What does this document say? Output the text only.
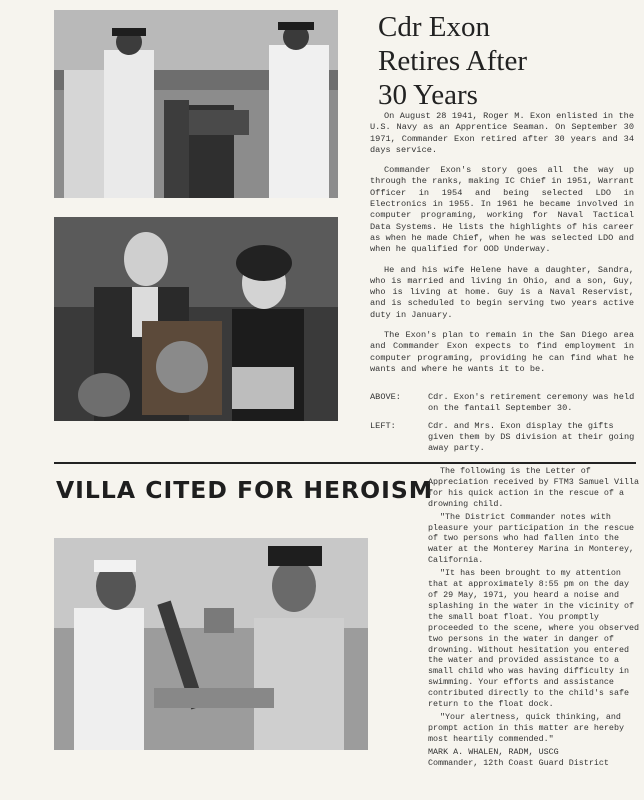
Cdr Exon
Retires After
30 Years

On August 28 1941, Roger M. Exon enlisted in the U.S. Navy as an Apprentice Seaman. On September 30 1971, Commander Exon retired after 30 years and 34 days service.

Commander Exon's story goes all the way up through the ranks, making IC Chief in 1951, Warrant Officer in 1954 and being selected LDO in Electronics in 1955. In 1961 he became involved in computer programing, working for Naval Tactical Data Systems. He lists the highlights of his career as when he made Chief, when he was selected LDO and when he qualified for OOD Underway.

He and his wife Helene have a daughter, Sandra, who is married and living in Ohio, and a son, Guy, who is living at home. Guy is a Naval Reservist, and is scheduled to begin serving two years active duty in January.

The Exon's plan to remain in the San Diego area and Commander Exon expects to find employment in computer programing, providing he can find what he wants and where he wants it to be.

ABOVE:	Cdr. Exon's retirement ceremony was held on the fantail September 30.
LEFT:	Cdr. and Mrs. Exon display the gifts given them by DS division at their going away party.
VILLA CITED FOR HEROISM

The following is the Letter of Appreciation received by FTM3 Samuel Villa for his quick action in the rescue of a drowning child.

"The District Commander notes with pleasure your participation in the rescue of two persons who had fallen into the water at the Monterey Marina in Monterey, California.

"It has been brought to my attention that at approximately 8:55 pm on the day of 29 May, 1971, you heard a noise and splashing in the water in the vicinity of the small boat float. You promptly proceeded to the scene, where you observed two persons in the water in danger of drowning. Without hesitation you entered the water and provided assistance to a small child who was having difficulty in swimming. Your efforts and assistance contributed directly to the child's safe return to the float dock.

"Your alertness, quick thinking, and prompt action in this matter are hereby most heartily commended."

MARK A. WHALEN, RADM, USCG

Commander, 12th Coast Guard District
